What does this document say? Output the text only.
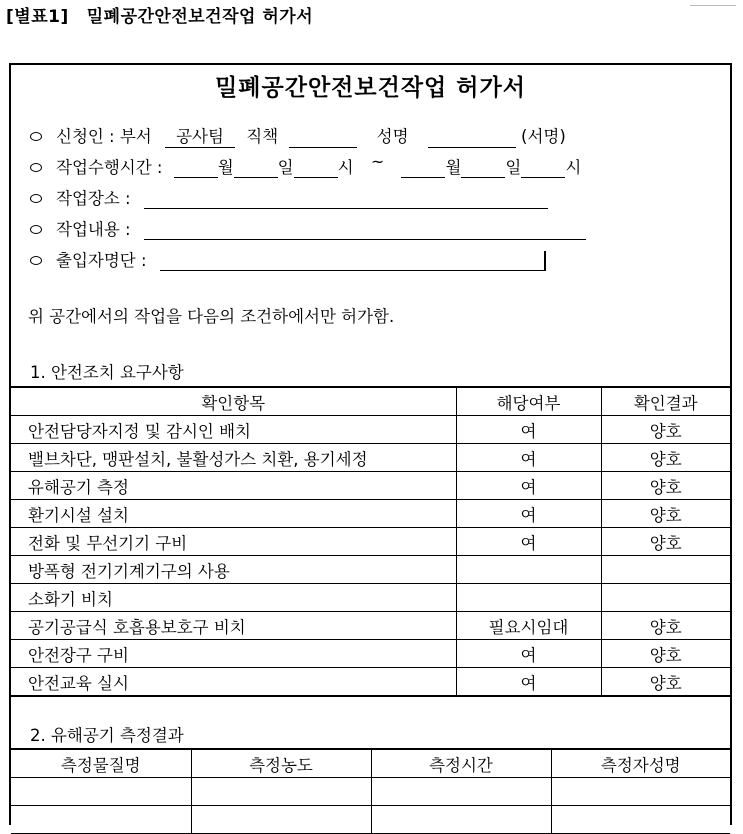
[별표1] 밀폐공간안전보건작업 허가서
밀폐공간안전보건작업 허가서
신청인 : 부서 공사팀 직책	성명	(서명)
작업수행시간 :	월	일	시 ~	월	일	시
작업장소 :
작업내용 :
출입자명단 :
위 공간에서의 작업을 다음의 조건하에서만 허가함.
1. 안전조치 요구사항
확인항목	해당여부	확인결과
안전담당자지정 및 감시인 배치	여	양호
밸브차단, 맹판설치, 불활성가스 치환, 용기세정	여	양호
유해공기 측정	여	양호
환기시설 설치	여	양호
전화 및 무선기기 구비	여	양호
방폭형 전기기계기구의 사용		
소화기 비치		
공기공급식 호흡용보호구 비치	필요시임대	양호
안전장구 구비	여	양호
안전교육 실시	여	양호
2. 유해공기 측정결과
측정물질명	측정농도	측정시간	측정자성명
